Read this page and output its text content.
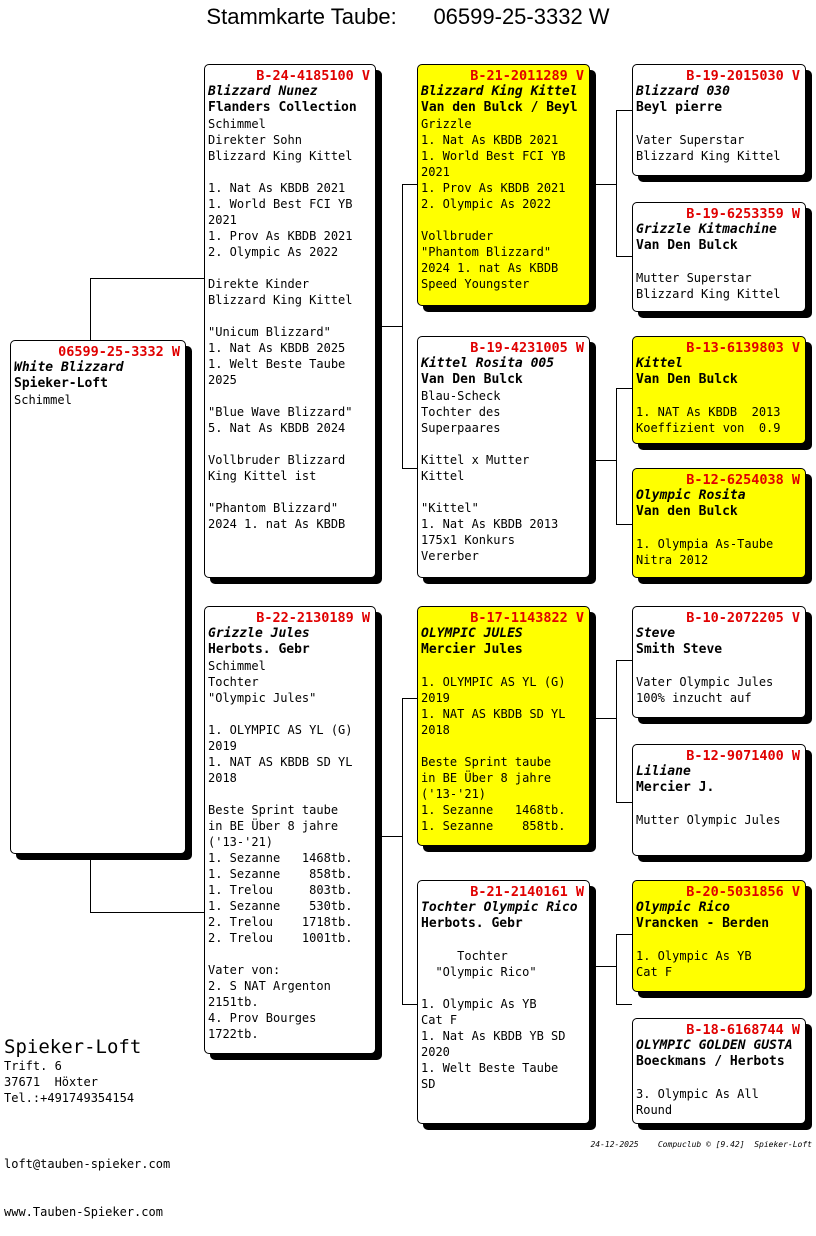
Stammkarte Taube:      06599-25-3332 W
06599-25-3332 W
White Blizzard
Spieker-Loft
Schimmel
B-24-4185100 V
Blizzard Nunez
Flanders Collection
Schimmel
Direkter Sohn
Blizzard King Kittel
1. Nat As KBDB 2021
1. World Best FCI YB
2021
1. Prov As KBDB 2021
2. Olympic As 2022
Direkte Kinder
Blizzard King Kittel
"Unicum Blizzard"
1. Nat As KBDB 2025
1. Welt Beste Taube
2025
"Blue Wave Blizzard"
5. Nat As KBDB 2024
Vollbruder Blizzard
King Kittel ist
"Phantom Blizzard"
2024 1. nat As KBDB
B-22-2130189 W
Grizzle Jules
Herbots. Gebr
Schimmel
Tochter
"Olympic Jules"
1. OLYMPIC AS YL (G)
2019
1. NAT AS KBDB SD YL
2018
Beste Sprint taube
in BE Über 8 jahre
('13-'21)
1. Sezanne   1468tb.
1. Sezanne    858tb.
1. Trelou     803tb.
1. Sezanne    530tb.
2. Trelou    1718tb.
2. Trelou    1001tb.
Vater von:
2. S NAT Argenton
2151tb.
4. Prov Bourges
1722tb.
B-21-2011289 V
Blizzard King Kittel
Van den Bulck / Beyl
Grizzle
1. Nat As KBDB 2021
1. World Best FCI YB
2021
1. Prov As KBDB 2021
2. Olympic As 2022
Vollbruder
"Phantom Blizzard"
2024 1. nat As KBDB
Speed Youngster
B-19-4231005 W
Kittel Rosita 005
Van Den Bulck
Blau-Scheck
Tochter des
Superpaares
Kittel x Mutter
Kittel
"Kittel"
1. Nat As KBDB 2013
175x1 Konkurs
Vererber
B-17-1143822 V
OLYMPIC JULES
Mercier Jules
1. OLYMPIC AS YL (G)
2019
1. NAT AS KBDB SD YL
2018
Beste Sprint taube
in BE Über 8 jahre
('13-'21)
1. Sezanne   1468tb.
1. Sezanne    858tb.
B-21-2140161 W
Tochter Olympic Rico
Herbots. Gebr
Tochter
"Olympic Rico"
1. Olympic As YB
Cat F
1. Nat As KBDB YB SD
2020
1. Welt Beste Taube
SD
B-19-2015030 V
Blizzard 030
Beyl pierre
Vater Superstar
Blizzard King Kittel
B-19-6253359 W
Grizzle Kitmachine
Van Den Bulck
Mutter Superstar
Blizzard King Kittel
B-13-6139803 V
Kittel
Van Den Bulck
1. NAT As KBDB  2013
Koeffizient von  0.9
B-12-6254038 W
Olympic Rosita
Van den Bulck
1. Olympia As-Taube
Nitra 2012
B-10-2072205 V
Steve
Smith Steve
Vater Olympic Jules
100% inzucht auf
B-12-9071400 W
Liliane
Mercier J.
Mutter Olympic Jules
B-20-5031856 V
Olympic Rico
Vrancken - Berden
1. Olympic As YB
Cat F
B-18-6168744 W
OLYMPIC GOLDEN GUSTA
Boeckmans / Herbots
3. Olympic As All
Round
Spieker-Loft
Trift. 6
37671  Höxter
Tel.:+491749354154

loft@tauben-spieker.com

www.Tauben-Spieker.com

24-12-2025    Compuclub © [9.42]  Spieker-Loft
